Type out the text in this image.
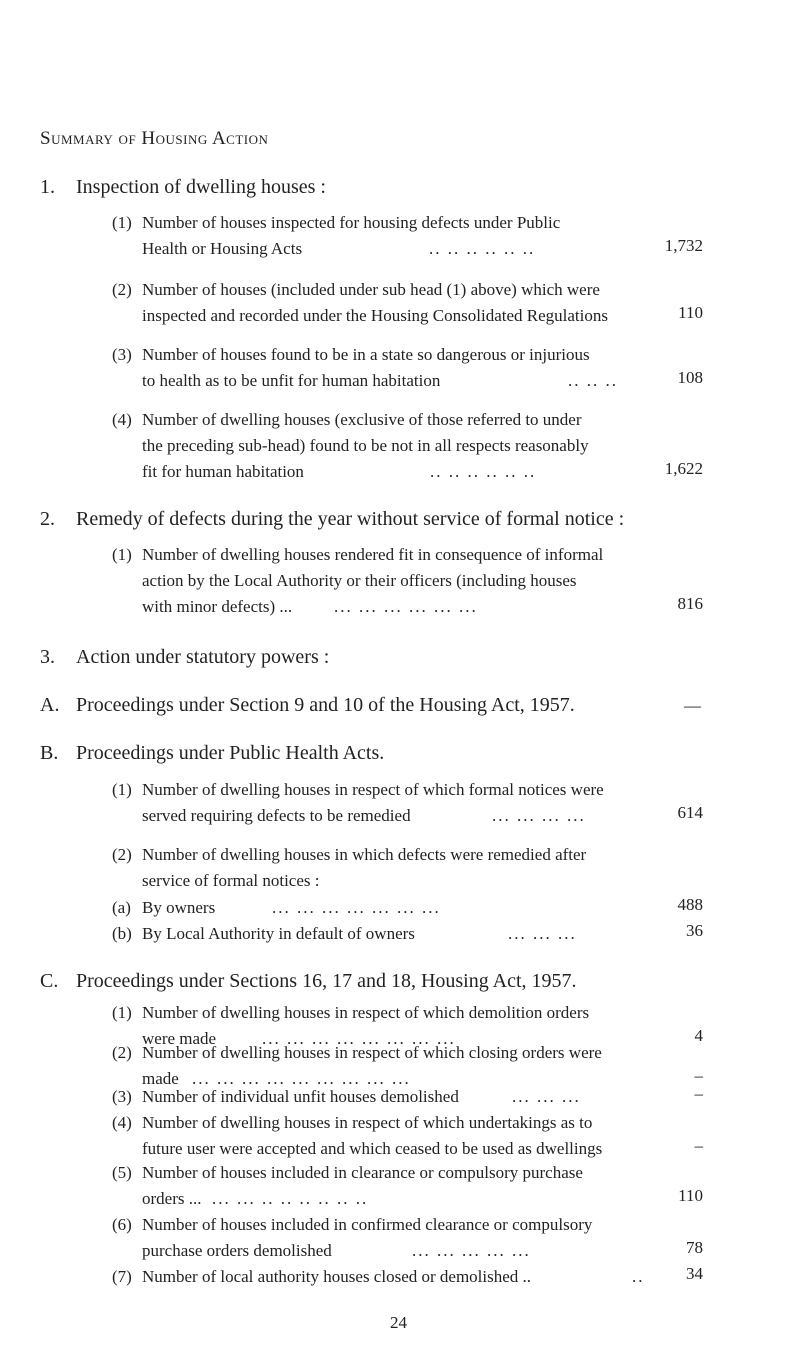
Summary of Housing Action
1. Inspection of dwelling houses :
(1) Number of houses inspected for housing defects under Public
Health or Housing Acts	.. .. .. .. .. ..	1,732
(2) Number of houses (included under sub head (1) above) which were
inspected and recorded under the Housing Consolidated Regulations	110
(3) Number of houses found to be in a state so dangerous or injurious
to health as to be unfit for human habitation	.. .. ..	108
(4) Number of dwelling houses (exclusive of those referred to under
the preceding sub-head) found to be not in all respects reasonably
fit for human habitation	.. .. .. .. .. ..	1,622
2. Remedy of defects during the year without service of formal notice :
(1) Number of dwelling houses rendered fit in consequence of informal
action by the Local Authority or their officers (including houses
with minor defects) ... ... ... ... ... ... ...	816
3. Action under statutory powers :
A. Proceedings under Section 9 and 10 of the Housing Act, 1957.	—
B. Proceedings under Public Health Acts.
(1) Number of dwelling houses in respect of which formal notices were
served requiring defects to be remedied	... ... ... ...	614
(2) Number of dwelling houses in which defects were remedied after
service of formal notices :
(a) By owners	... ... ... ... ... ... ...	488
(b) By Local Authority in default of owners	... ... ...	36
C. Proceedings under Sections 16, 17 and 18, Housing Act, 1957.
(1) Number of dwelling houses in respect of which demolition orders
were made	... ... ... ... ... ... ... ...	4
(2) Number of dwelling houses in respect of which closing orders were
made ... ... ... ... ... ... ... ... ...	–
(3) Number of individual unfit houses demolished	... ... ...	–
(4) Number of dwelling houses in respect of which undertakings as to
future user were accepted and which ceased to be used as dwellings	–
(5) Number of houses included in clearance or compulsory purchase
orders ... ... ... .. .. .. .. .. ..	110
(6) Number of houses included in confirmed clearance or compulsory
purchase orders demolished	... ... ... ... ...	78
(7) Number of local authority houses closed or demolished ..	.. 34
24
